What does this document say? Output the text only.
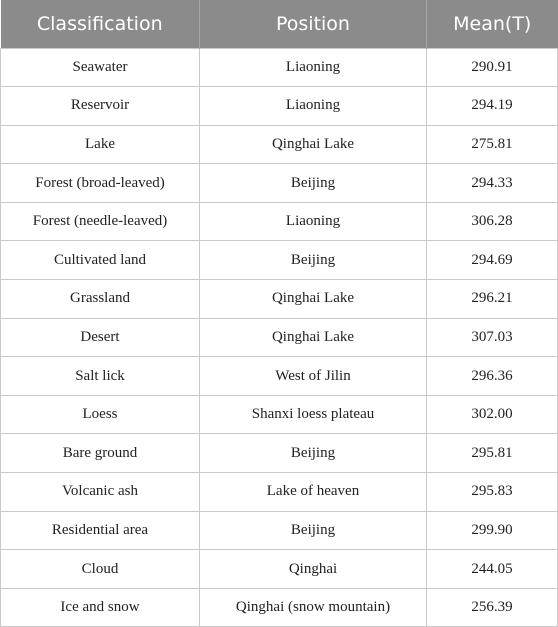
Classification	Position	Mean(T)
Seawater	Liaoning	290.91
Reservoir	Liaoning	294.19
Lake	Qinghai Lake	275.81
Forest (broad-leaved)	Beijing	294.33
Forest (needle-leaved)	Liaoning	306.28
Cultivated land	Beijing	294.69
Grassland	Qinghai Lake	296.21
Desert	Qinghai Lake	307.03
Salt lick	West of Jilin	296.36
Loess	Shanxi loess plateau	302.00
Bare ground	Beijing	295.81
Volcanic ash	Lake of heaven	295.83
Residential area	Beijing	299.90
Cloud	Qinghai	244.05
Ice and snow	Qinghai (snow mountain)	256.39
